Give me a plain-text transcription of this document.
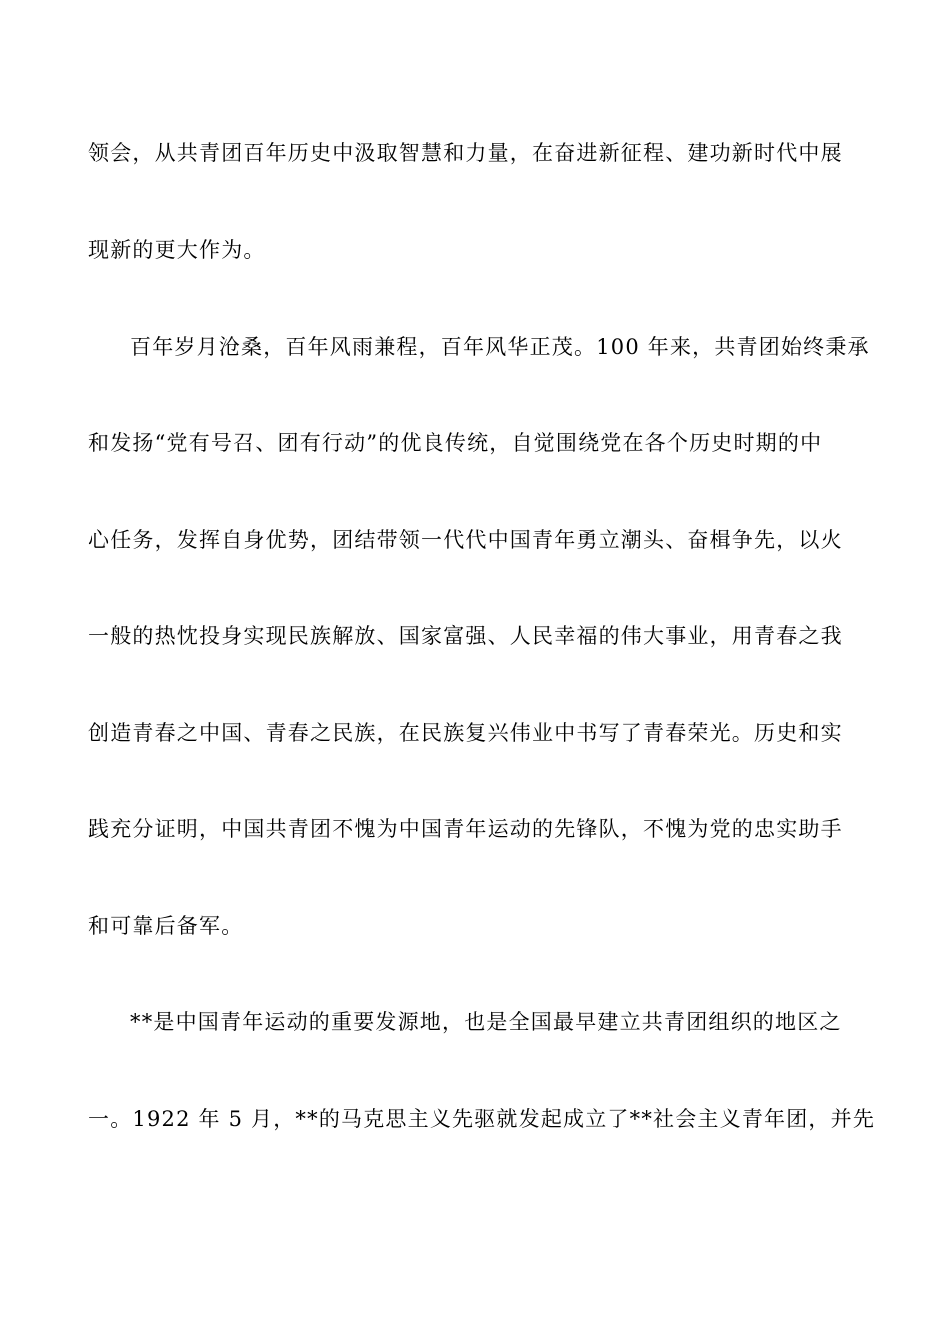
领会，从共青团百年历史中汲取智慧和力量，在奋进新征程、建功新时代中展
现新的更大作为。
百年岁月沧桑，百年风雨兼程，百年风华正茂。100 年来，共青团始终秉承
和发扬“党有号召、团有行动”的优良传统，自觉围绕党在各个历史时期的中
心任务，发挥自身优势，团结带领一代代中国青年勇立潮头、奋楫争先，以火
一般的热忱投身实现民族解放、国家富强、人民幸福的伟大事业，用青春之我
创造青春之中国、青春之民族，在民族复兴伟业中书写了青春荣光。历史和实
践充分证明，中国共青团不愧为中国青年运动的先锋队，不愧为党的忠实助手
和可靠后备军。
**是中国青年运动的重要发源地，也是全国最早建立共青团组织的地区之
一。1922 年 5 月，**的马克思主义先驱就发起成立了**社会主义青年团，并先
